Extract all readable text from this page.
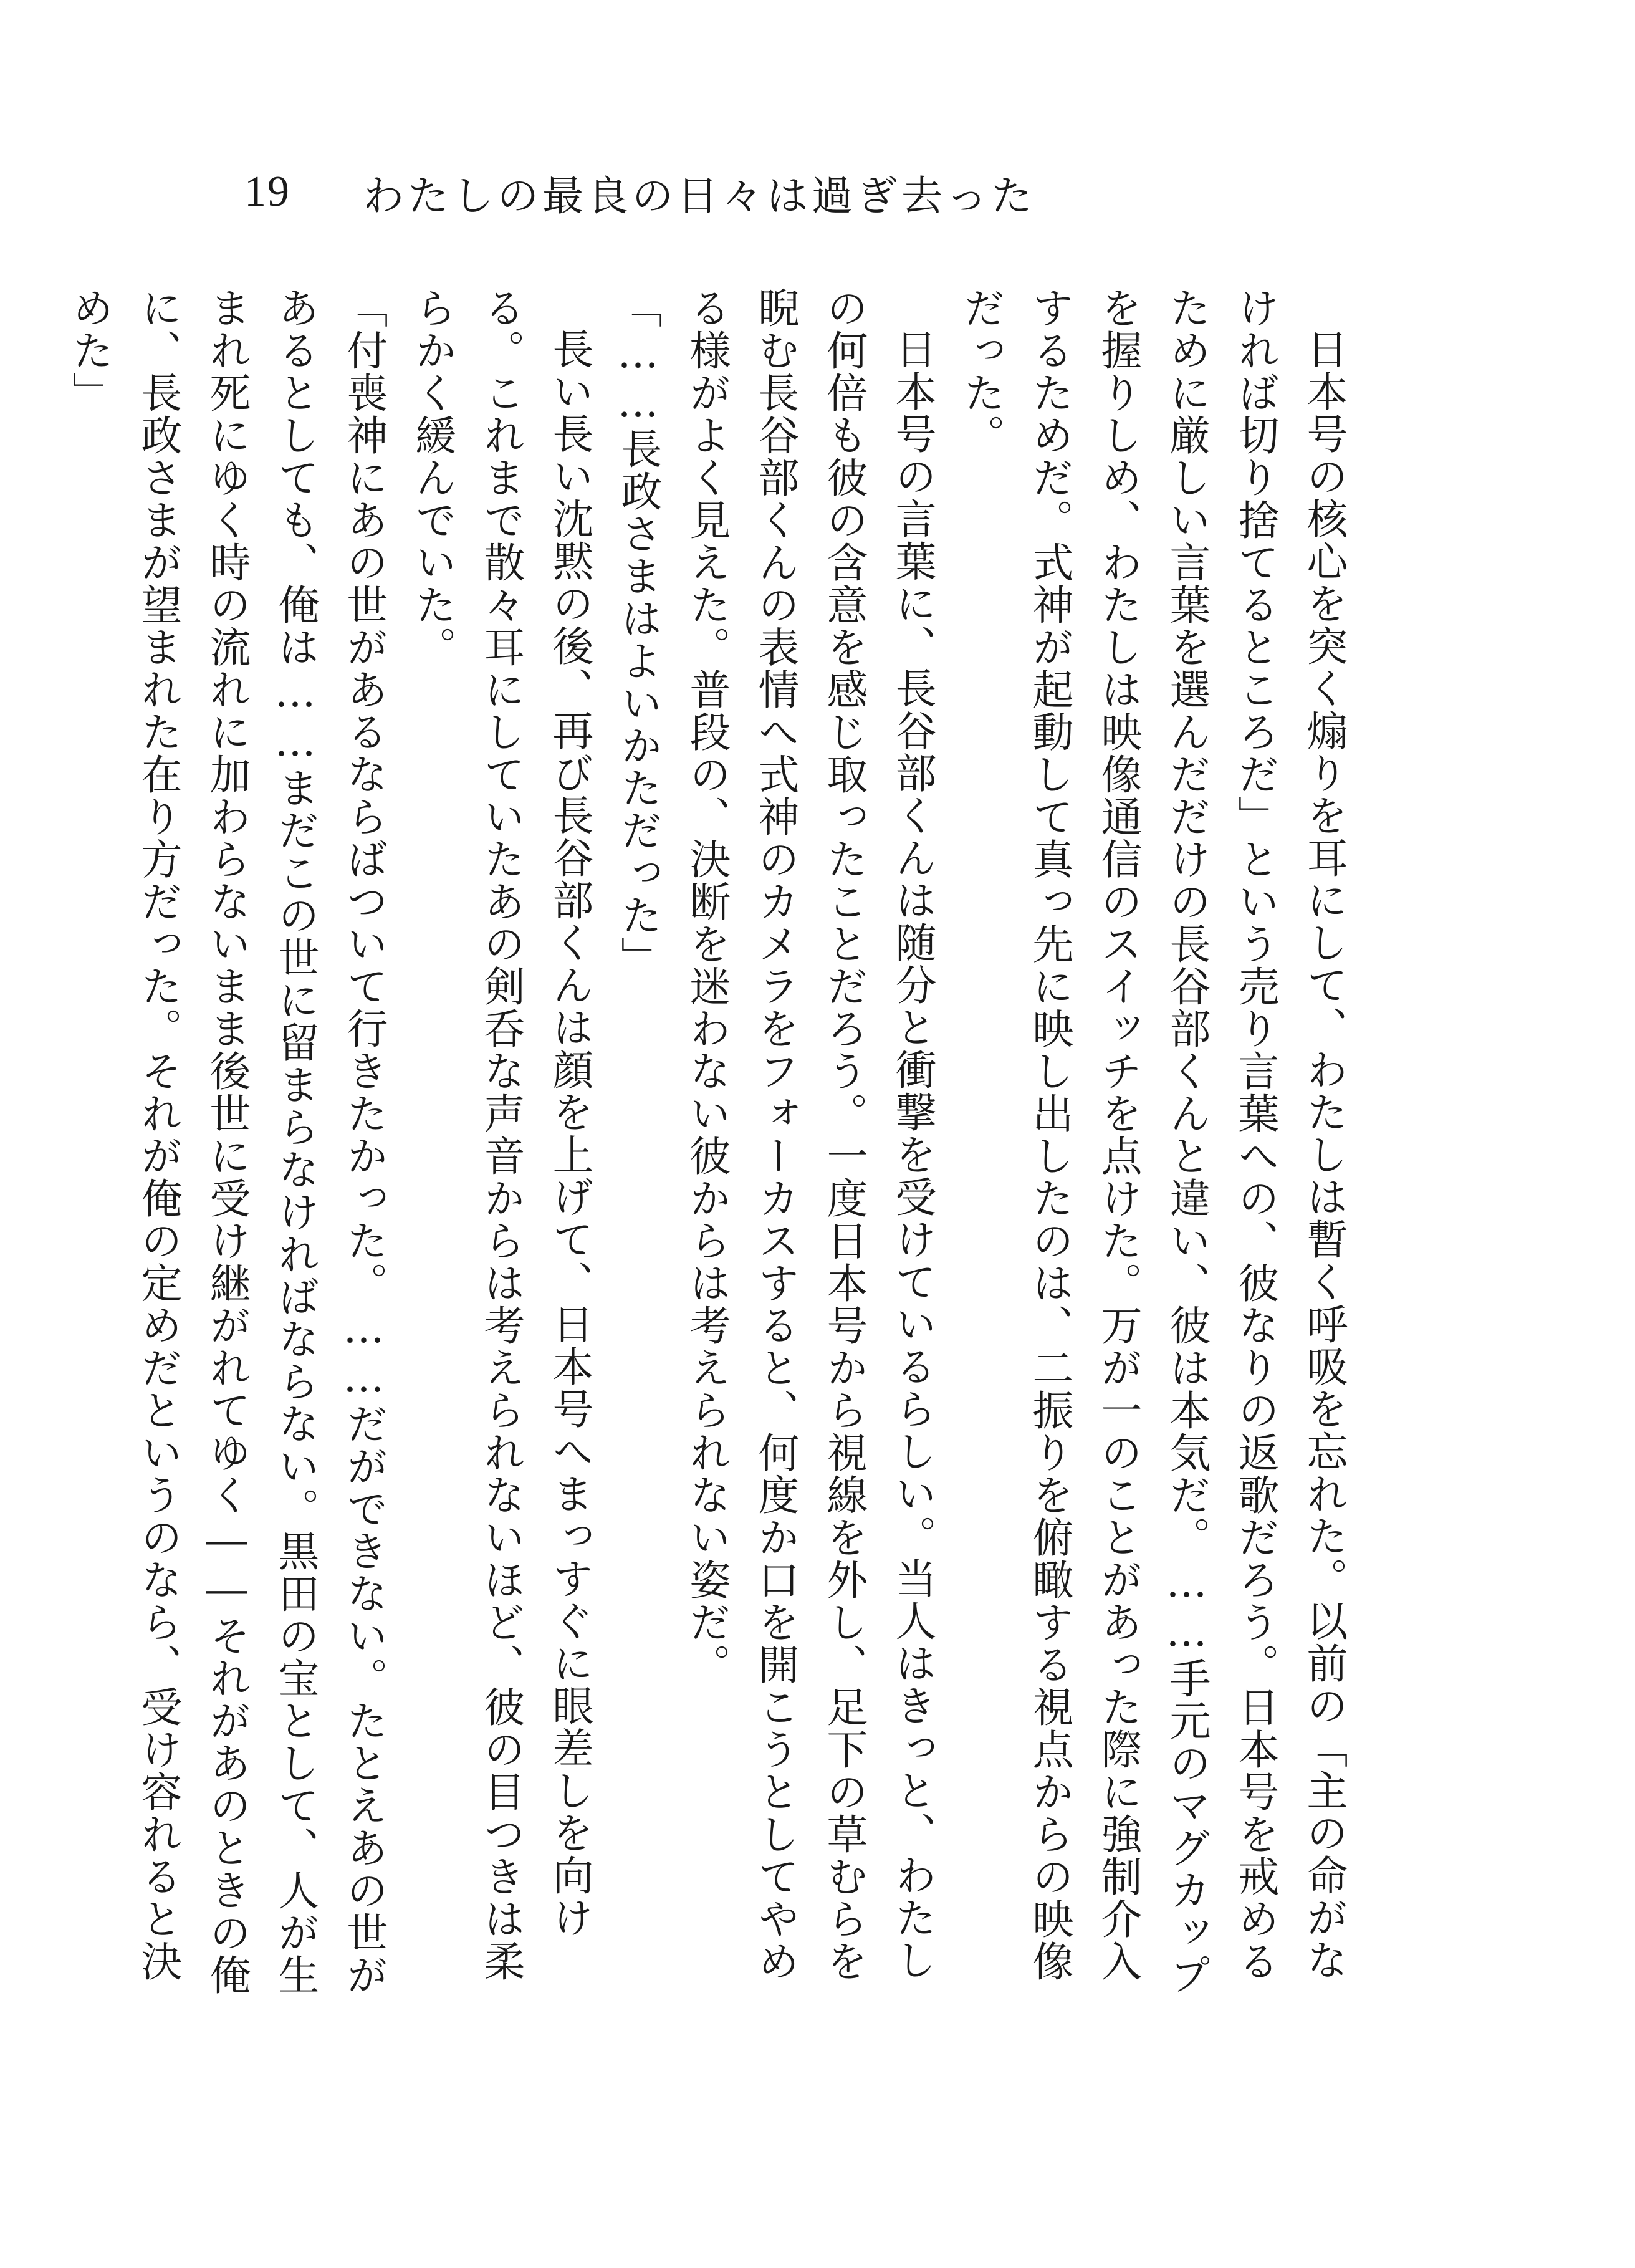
19	わたしの最良の日々は過ぎ去った

日本号の核心を突く煽りを耳にして、わたしは暫く呼吸を忘れた。以前の「主の命がなければ切り捨てるところだ」という売り言葉への、彼なりの返歌だろう。日本号を戒めるために厳しい言葉を選んだだけの長谷部くんと違い、彼は本気だ。……手元のマグカップを握りしめ、わたしは映像通信のスイッチを点けた。万が一のことがあった際に強制介入するためだ。式神が起動して真っ先に映し出したのは、二振りを俯瞰する視点からの映像だった。

日本号の言葉に、長谷部くんは随分と衝撃を受けているらしい。当人はきっと、わたしの何倍も彼の含意を感じ取ったことだろう。一度日本号から視線を外し、足下の草むらを睨む長谷部くんの表情へ式神のカメラをフォーカスすると、何度か口を開こうとしてやめる様がよく見えた。普段の、決断を迷わない彼からは考えられない姿だ。

「……長政さまはよいかただった」

長い長い沈黙の後、再び長谷部くんは顔を上げて、日本号へまっすぐに眼差しを向ける。これまで散々耳にしていたあの剣呑な声音からは考えられないほど、彼の目つきは柔らかく緩んでいた。

「付喪神にあの世があるならばついて行きたかった。……だができない。たとえあの世があるとしても、俺は……まだこの世に留まらなければならない。黒田の宝として、人が生まれ死にゆく時の流れに加わらないまま後世に受け継がれてゆく――それがあのときの俺に、長政さまが望まれた在り方だった。それが俺の定めだというのなら、受け容れると決めた」
